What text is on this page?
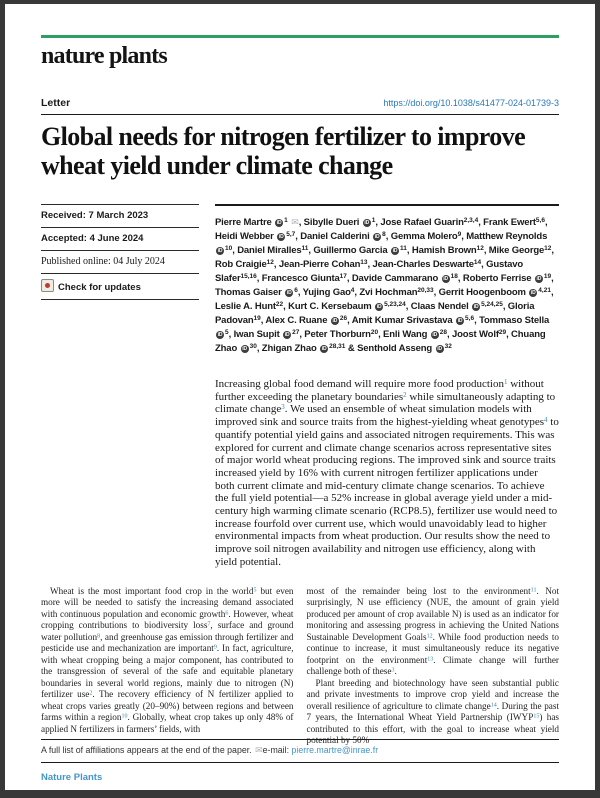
nature plants
Letter	https://doi.org/10.1038/s41477-024-01739-3
Global needs for nitrogen fertilizer to improve wheat yield under climate change
Received: 7 March 2023
Accepted: 4 June 2024
Published online: 04 July 2024
Check for updates
Pierre Martre iD $^1$ ✉, Sibylle Dueri iD $^1$, Jose Rafael Guarin$^{2,3,4}$, Frank Ewert$^{5,6}$, Heidi Webber iD $^{5,7}$, Daniel Calderini iD $^8$, Gemma Molero$^9$, Matthew Reynolds iD $^{10}$, Daniel Miralles$^{11}$, Guillermo Garcia iD $^{11}$, Hamish Brown$^{12}$, Mike George$^{12}$, Rob Craigie$^{12}$, Jean-Pierre Cohan$^{13}$, Jean-Charles Deswarte$^{14}$, Gustavo Slafer$^{15,16}$, Francesco Giunta$^{17}$, Davide Cammarano iD $^{18}$, Roberto Ferrise iD $^{19}$, Thomas Gaiser iD $^6$, Yujing Gao$^4$, Zvi Hochman$^{20,33}$, Gerrit Hoogenboom iD $^{4,21}$, Leslie A. Hunt$^{22}$, Kurt C. Kersebaum iD $^{5,23,24}$, Claas Nendel iD $^{5,24,25}$, Gloria Padovan$^{19}$, Alex C. Ruane iD $^{26}$, Amit Kumar Srivastava iD $^{5,6}$, Tommaso Stella iD $^5$, Iwan Supit iD $^{27}$, Peter Thorburn$^{20}$, Enli Wang iD $^{28}$, Joost Wolf$^{29}$, Chuang Zhao iD $^{30}$, Zhigan Zhao iD $^{28,31}$ & Senthold Asseng iD $^{32}$
Increasing global food demand will require more food production$^1$ without further exceeding the planetary boundaries$^2$ while simultaneously adapting to climate change$^3$. We used an ensemble of wheat simulation models with improved sink and source traits from the highest-yielding wheat genotypes$^4$ to quantify potential yield gains and associated nitrogen requirements. This was explored for current and climate change scenarios across representative sites of major world wheat producing regions. The improved sink and source traits increased yield by 16% with current nitrogen fertilizer applications under both current climate and mid-century climate change scenarios. To achieve the full yield potential—a 52% increase in global average yield under a mid-century high warming climate scenario (RCP8.5), fertilizer use would need to increase fourfold over current use, which would unavoidably lead to higher environmental impacts from wheat production. Our results show the need to improve soil nitrogen availability and nitrogen use efficiency, along with yield potential.
Wheat is the most important food crop in the world$^5$ but even more will be needed to satisfy the increasing demand associated with continuous population and economic growth$^6$. However, wheat cropping contributions to biodiversity loss$^7$, surface and ground water pollution$^8$, and greenhouse gas emission through fertilizer and pesticide use and mechanization are important$^9$. In fact, agriculture, with wheat cropping being a major component, has contributed to the transgression of several of the safe and equitable planetary boundaries in several world regions, mainly due to nitrogen (N) fertilizer use$^2$. The recovery efficiency of N fertilizer applied to wheat crops varies greatly (20–90%) between regions and between farms within a region$^{10}$. Globally, wheat crop takes up only 48% of applied N fertilizers in farmers’ fields, with
most of the remainder being lost to the environment$^{11}$. Not surprisingly, N use efficiency (NUE, the amount of grain yield produced per amount of crop available N) is used as an indicator for monitoring and assessing progress in achieving the United Nations Sustainable Development Goals$^{12}$. While food production needs to continue to increase, it must simultaneously reduce its negative footprint on the environment$^{13}$. Climate change will further challenge both of these$^3$.
Plant breeding and biotechnology have seen substantial public and private investments to improve crop yield and increase the overall resilience of agriculture to climate change$^{14}$. During the past 7 years, the International Wheat Yield Partnership (IWYP$^{15}$) has contributed to this effort, with the goal to increase wheat yield potential by 50%
A full list of affiliations appears at the end of the paper. ✉e-mail: pierre.martre@inrae.fr
Nature Plants
